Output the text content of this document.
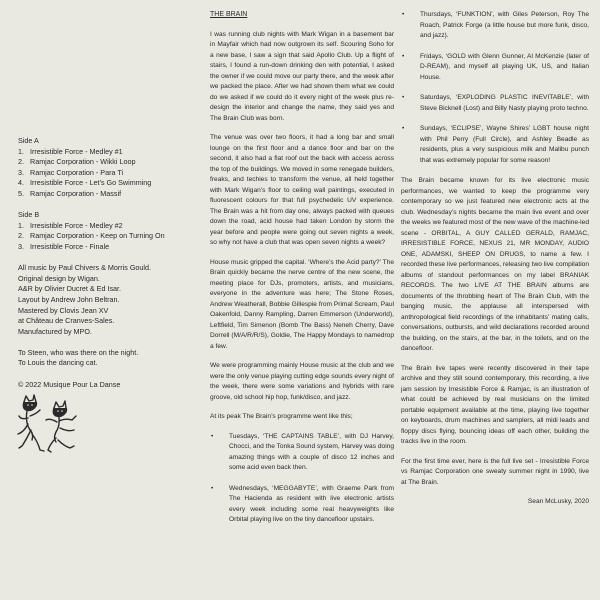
Side A

1. Irresistible Force - Medley #1

2. Ramjac Corporation - Wikki Loop

3. Ramjac Corporation - Para Ti

4. Irresistible Force - Let’s Go Swimming

5. Ramjac Corporation - Massif

Side B

1. Irresistible Force - Medley #2

2. Ramjac Corporation - Keep on Turning On

3. Irresistible Force - Finale

All music by Paul Chivers & Morris Gould.

Original design by Wigan.

A&R by Olivier Ducret & Ed Isar.

Layout by Andrew John Beltran.

Mastered by Clovis Jean XV

at Château de Cranves-Sales.

Manufactured by MPO.

To Steen, who was there on the night.

To Louis the dancing cat.

© 2022 Musique Pour La Danse

THE BRAIN

I was running club nights with Mark Wigan in a basement bar in Mayfair which had now outgrown its self. Scouring Soho for a new base, I saw a sign that said Apollo Club. Up a flight of stairs, I found a run-down drinking den with potential, I asked the owner if we could move our party there, and the week after we packed the place. After we had shown them what we could do we asked if we could do it every night of the week plus re-design the interior and change the name, they said yes and The Brain Club was born.

The venue was over two floors, it had a long bar and small lounge on the first floor and a dance floor and bar on the second, it also had a flat roof out the back with access across the top of the buildings. We moved in some renegade builders, freaks, and techies to transform the venue, all held together with Mark Wigan’s floor to ceiling wall paintings, executed in fluorescent colours for that full psychedelic UV experience. The Brain was a hit from day one, always packed with queues down the road, acid house had taken London by storm the year before and people were going out seven nights a week, so why not have a club that was open seven nights a week?

House music gripped the capital. ‘Where’s the Acid party?’ The Brain quickly became the nerve centre of the new scene, the meeting place for DJs, promoters, artists, and musicians, everyone in the adventure was here; The Stone Roses, Andrew Weatherall, Bobbie Gillespie from Primal Scream, Paul Oakenfold, Danny Rampling, Darren Emmerson (Underworld), Leftfield, Tim Simenon (Bomb The Bass) Neneh Cherry, Dave Dorrell (M/A/R/R/S), Goldie, The Happy Mondays to namedrop a few.

We were programming mainly House music at the club and we were the only venue playing cutting edge sounds every night of the week, there were some variations and hybrids with rare groove, old school hip hop, funk/disco, and jazz.

At its peak The Brain’s programme went like this;

• Tuesdays, ‘THE CAPTAINS TABLE’, with DJ Harvey, Chocci, and the Tonka Sound system, Harvey was doing amazing things with a couple of disco 12 inches and some acid even back then.

• Wednesdays, ‘MEGGABYTE’, with Graeme Park from The Hacienda as resident with live electronic artists every week including some real heavyweights like Orbital playing live on the tiny dancefloor upstairs.

• Thursdays, ‘FUNKTION’, with Giles Peterson, Roy The Roach, Patrick Forge (a little house but more funk, disco, and jazz).

• Fridays, ‘GOLD with Glenn Gunner, Al McKenzie (later of D-REAM), and myself all playing UK, US, and Italian House.

• Saturdays, ‘EXPLODING PLASTIC INEVITABLE’, with Steve Bicknell (Lost) and Billy Nasty playing proto techno.

• Sundays, ‘ECLIPSE’, Wayne Shires’ LGBT house night with Phil Perry (Full Circle), and Ashley Beadle as residents, plus a very suspicious milk and Malibu punch that was extremely popular for some reason!

The Brain became known for its live electronic music performances, we wanted to keep the programme very contemporary so we just featured new electronic acts at the club. Wednesday’s nights became the main live event and over the weeks we featured most of the new wave of the machine-led scene - ORBITAL, A GUY CALLED GERALD, RAMJAC, IRRESISTIBLE FORCE, NEXUS 21, MR MONDAY, AUDIO ONE, ADAMSKI, SHEEP ON DRUGS, to name a few. I recorded these live performances, releasing two live compilation albums of standout performances on my label BRANIAK RECORDS. The two LIVE AT THE BRAIN albums are documents of the throbbing heart of The Brain Club, with the banging music, the applause all interspersed with anthropological field recordings of the inhabitants’ mating calls, conversations, outbursts, and wild declarations recorded around the building, on the stairs, at the bar, in the toilets, and on the dancefloor.

The Brain live tapes were recently discovered in their tape archive and they still sound contemporary, this recording, a live jam session by Irresistible Force & Ramjac, is an illustration of what could be achieved by real musicians on the limited portable equipment available at the time, playing live together on keyboards, drum machines and samplers, all midi leads and floppy discs flying, bouncing ideas off each other, building the tracks live in the room.

For the first time ever, here is the full live set - Irresistible Force vs Ramjac Corporation one sweaty summer night in 1990, live at The Brain.

Sean McLusky, 2020
